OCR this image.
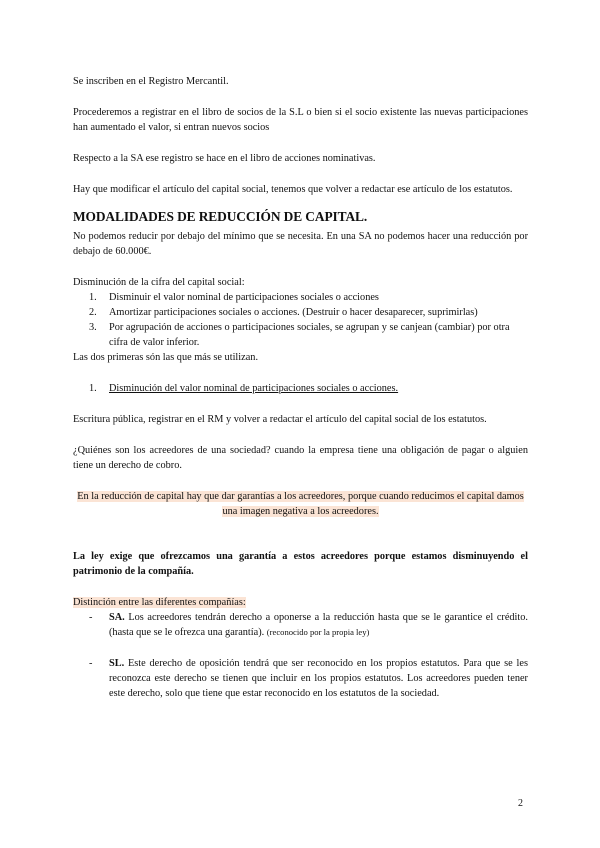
Se inscriben en el Registro Mercantil.

Procederemos a registrar en el libro de socios de la S.L o bien si el socio existente las nuevas participaciones han aumentado el valor, si entran nuevos socios

Respecto a la SA ese registro se hace en el libro de acciones nominativas.

Hay que modificar el artículo del capital social, tenemos que volver a redactar ese artículo de los estatutos.

MODALIDADES DE REDUCCIÓN DE CAPITAL.

No podemos reducir por debajo del mínimo que se necesita. En una SA no podemos hacer una reducción por debajo de 60.000€.

Disminución de la cifra del capital social:

1. Disminuir el valor nominal de participaciones sociales o acciones
2. Amortizar participaciones sociales o acciones. (Destruir o hacer desaparecer, suprimirlas)
3. Por agrupación de acciones o participaciones sociales, se agrupan y se canjean (cambiar) por otra cifra de valor inferior.

Las dos primeras són las que más se utilizan.

1. Disminución del valor nominal de participaciones sociales o acciones.

Escritura pública, registrar en el RM y volver a redactar el artículo del capital social de los estatutos.

¿Quiénes son los acreedores de una sociedad? cuando la empresa tiene una obligación de pagar o alguien tiene un derecho de cobro.

En la reducción de capital hay que dar garantías a los acreedores, porque cuando reducimos el capital damos una imagen negativa a los acreedores.

La ley exige que ofrezcamos una garantía a estos acreedores porque estamos disminuyendo el patrimonio de la compañía.

Distinción entre las diferentes compañías:

- SA. Los acreedores tendrán derecho a oponerse a la reducción hasta que se le garantice el crédito. (hasta que se le ofrezca una garantía). (reconocido por la propia ley)
- SL. Este derecho de oposición tendrá que ser reconocido en los propios estatutos. Para que se les reconozca este derecho se tienen que incluir en los propios estatutos. Los acreedores pueden tener este derecho, solo que tiene que estar reconocido en los estatutos de la sociedad.
2
